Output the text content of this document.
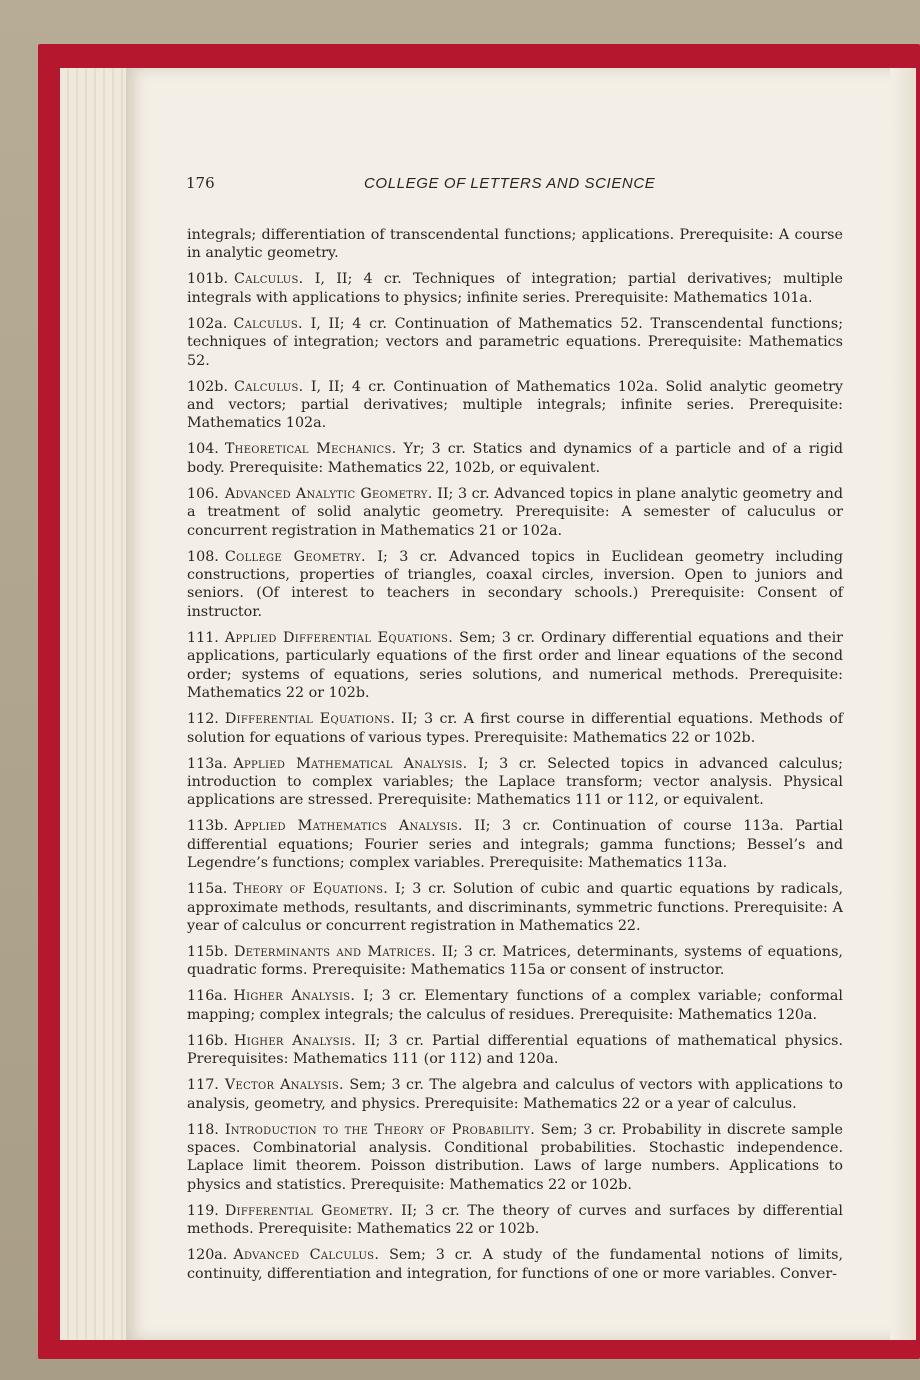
176	COLLEGE OF LETTERS AND SCIENCE

integrals; differentiation of transcendental functions; applications. Prerequisite: A course in analytic geometry.

101b. Calculus. I, II; 4 cr. Techniques of integration; partial derivatives; multiple integrals with applications to physics; infinite series. Prerequisite: Mathematics 101a.

102a. Calculus. I, II; 4 cr. Continuation of Mathematics 52. Transcendental functions; techniques of integration; vectors and parametric equations. Prerequisite: Mathematics 52.

102b. Calculus. I, II; 4 cr. Continuation of Mathematics 102a. Solid analytic geometry and vectors; partial derivatives; multiple integrals; infinite series. Prerequisite: Mathematics 102a.

104. Theoretical Mechanics. Yr; 3 cr. Statics and dynamics of a particle and of a rigid body. Prerequisite: Mathematics 22, 102b, or equivalent.

106. Advanced Analytic Geometry. II; 3 cr. Advanced topics in plane analytic geometry and a treatment of solid analytic geometry. Prerequisite: A semester of caluculus or concurrent registration in Mathematics 21 or 102a.

108. College Geometry. I; 3 cr. Advanced topics in Euclidean geometry including constructions, properties of triangles, coaxal circles, inversion. Open to juniors and seniors. (Of interest to teachers in secondary schools.) Prerequisite: Consent of instructor.

111. Applied Differential Equations. Sem; 3 cr. Ordinary differential equations and their applications, particularly equations of the first order and linear equations of the second order; systems of equations, series solutions, and numerical methods. Prerequisite: Mathematics 22 or 102b.

112. Differential Equations. II; 3 cr. A first course in differential equations. Methods of solution for equations of various types. Prerequisite: Mathematics 22 or 102b.

113a. Applied Mathematical Analysis. I; 3 cr. Selected topics in advanced calculus; introduction to complex variables; the Laplace transform; vector analysis. Physical applications are stressed. Prerequisite: Mathematics 111 or 112, or equivalent.

113b. Applied Mathematics Analysis. II; 3 cr. Continuation of course 113a. Partial differential equations; Fourier series and integrals; gamma functions; Bessel’s and Legendre’s functions; complex variables. Prerequisite: Mathematics 113a.

115a. Theory of Equations. I; 3 cr. Solution of cubic and quartic equations by radicals, approximate methods, resultants, and discriminants, symmetric functions. Prerequisite: A year of calculus or concurrent registration in Mathematics 22.

115b. Determinants and Matrices. II; 3 cr. Matrices, determinants, systems of equations, quadratic forms. Prerequisite: Mathematics 115a or consent of instructor.

116a. Higher Analysis. I; 3 cr. Elementary functions of a complex variable; conformal mapping; complex integrals; the calculus of residues. Prerequisite: Mathematics 120a.

116b. Higher Analysis. II; 3 cr. Partial differential equations of mathematical physics. Prerequisites: Mathematics 111 (or 112) and 120a.

117. Vector Analysis. Sem; 3 cr. The algebra and calculus of vectors with applications to analysis, geometry, and physics. Prerequisite: Mathematics 22 or a year of calculus.

118. Introduction to the Theory of Probability. Sem; 3 cr. Probability in discrete sample spaces. Combinatorial analysis. Conditional probabilities. Stochastic independence. Laplace limit theorem. Poisson distribution. Laws of large numbers. Applications to physics and statistics. Prerequisite: Mathematics 22 or 102b.

119. Differential Geometry. II; 3 cr. The theory of curves and surfaces by differential methods. Prerequisite: Mathematics 22 or 102b.

120a. Advanced Calculus. Sem; 3 cr. A study of the fundamental notions of limits, continuity, differentiation and integration, for functions of one or more variables. Conver-
